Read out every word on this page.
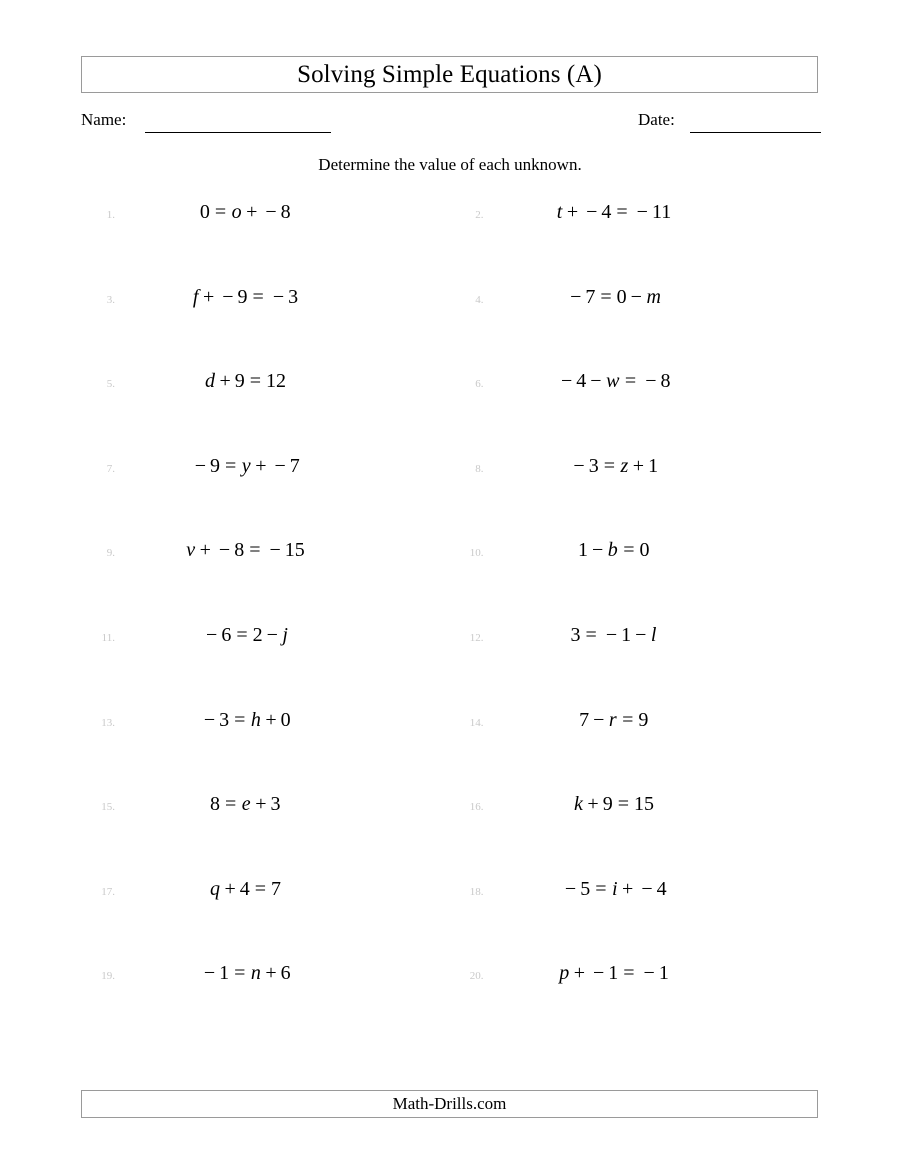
Solving Simple Equations (A)
Name:	Date:
Determine the value of each unknown.
1.	0 = o + − 8	2.	t + − 4 = − 11
3.	f + − 9 = − 3	4.	− 7 = 0 − m
5.	d + 9 = 12	6.	− 4 − w = − 8
7.	− 9 = y + − 7	8.	− 3 = z + 1
9.	v + − 8 = − 15	10.	1 − b = 0
11.	− 6 = 2 − j	12.	3 = − 1 − l
13.	− 3 = h + 0	14.	7 − r = 9
15.	8 = e + 3	16.	k + 9 = 15
17.	q + 4 = 7	18.	− 5 = i + − 4
19.	− 1 = n + 6	20.	p + − 1 = − 1
Math-Drills.com
